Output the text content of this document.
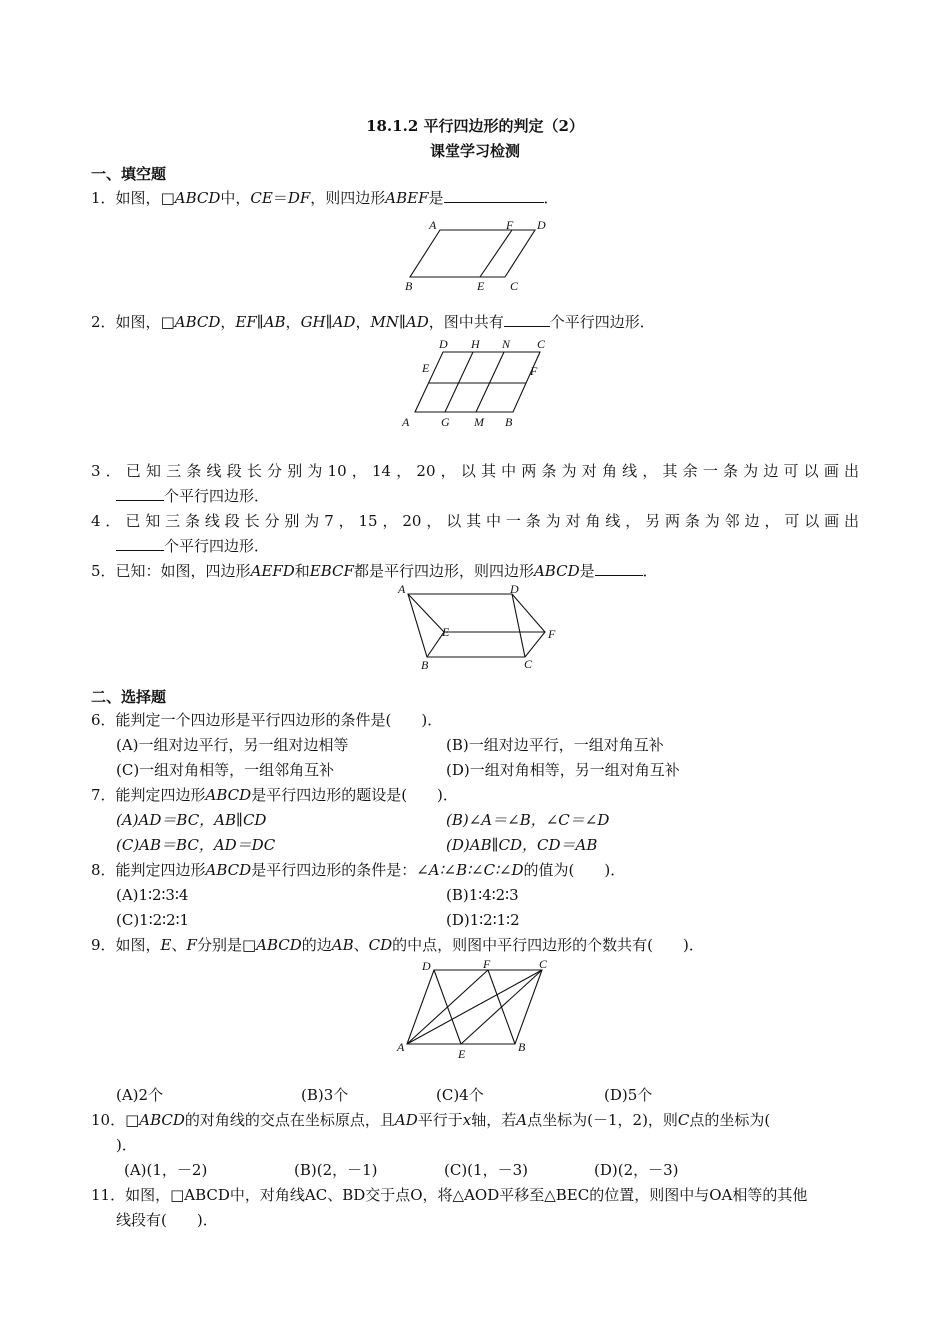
18.1.2 平行四边形的判定（2）
课堂学习检测
一、填空题
1．如图，□ABCD中，CE＝DF，则四边形ABEF是	．
A	F D
B	E C
2．如图，□ABCD，EF∥AB，GH∥AD，MN∥AD，图中共有	个平行四边形．
D H N C
E	F
A	G M B
3．已知三条线段长分别为10，14，20，以其中两条为对角线，其余一条为边可以画出
个平行四边形．
4．已知三条线段长分别为7，15，20，以其中一条为对角线，另两条为邻边，可以画出
个平行四边形．
5．已知：如图，四边形AEFD和EBCF都是平行四边形，则四边形ABCD是	．
A	D
E	F
B	C
二、选择题
6．能判定一个四边形是平行四边形的条件是(　　)．
(A)一组对边平行，另一组对边相等	(B)一组对边平行，一组对角互补
(C)一组对角相等，一组邻角互补	(D)一组对角相等，另一组对角互补
7．能判定四边形ABCD是平行四边形的题设是(　　)．
(A)AD＝BC，AB∥CD	(B)∠A＝∠B，∠C＝∠D
(C)AB＝BC，AD＝DC	(D)AB∥CD，CD＝AB
8．能判定四边形ABCD是平行四边形的条件是：∠A∶∠B∶∠C∶∠D的值为(　　)．
(A)1∶2∶3∶4	(B)1∶4∶2∶3
(C)1∶2∶2∶1	(D)1∶2∶1∶2
9．如图，E、F分别是□ABCD的边AB、CD的中点，则图中平行四边形的个数共有(　　)．
D	F	C
A	E	B
(A)2个	(B)3个	(C)4个	(D)5个
10．□ABCD的对角线的交点在坐标原点，且AD平行于x轴，若A点坐标为(－1，2)，则C点的坐标为(
)．
(A)(1，－2)	(B)(2，－1)	(C)(1，－3)	(D)(2，－3)
11．如图，□ABCD中，对角线AC、BD交于点O，将△AOD平移至△BEC的位置，则图中与OA相等的其他
线段有(　　)．
